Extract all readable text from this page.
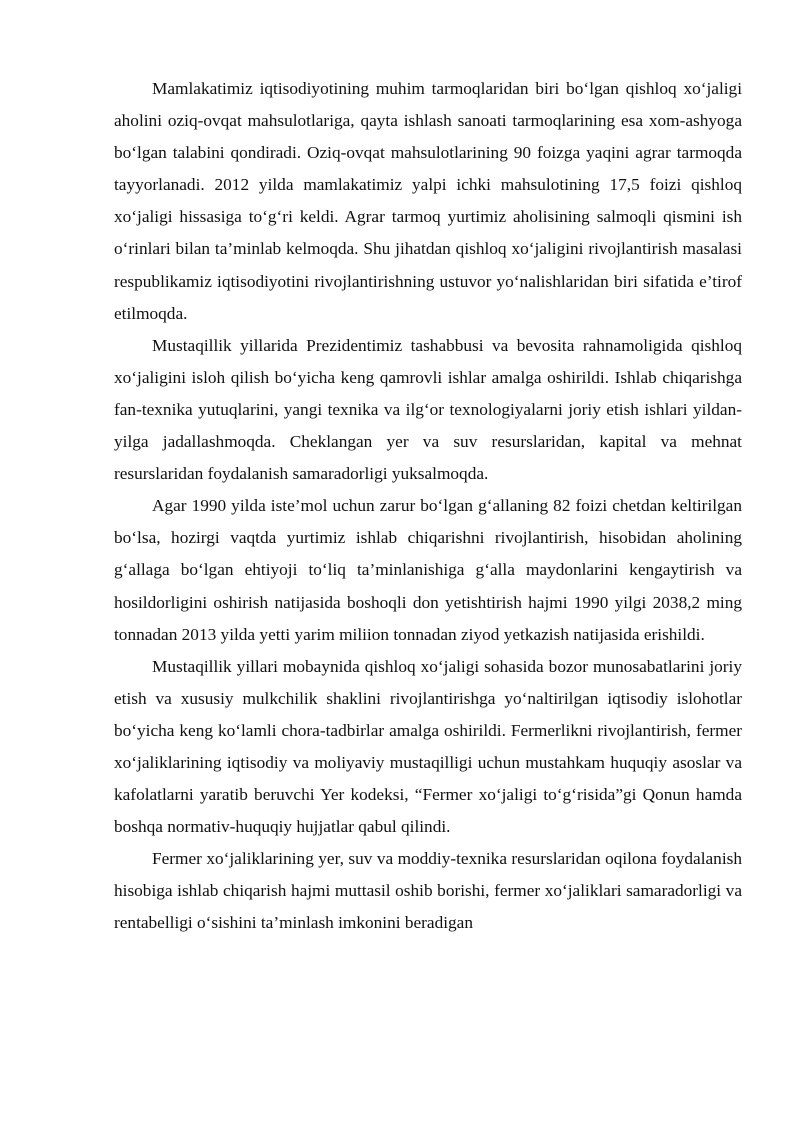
Mamlakatimiz iqtisodiyotining muhim tarmoqlaridan biri bo‘lgan qishloq xo‘jaligi aholini oziq-ovqat mahsulotlariga, qayta ishlash sanoati tarmoqlarining esa xom-ashyoga bo‘lgan talabini qondiradi. Oziq-ovqat mahsulotlarining 90 foizga yaqini agrar tarmoqda tayyorlanadi. 2012 yilda mamlakatimiz yalpi ichki mahsulotining 17,5 foizi qishloq xo‘jaligi hissasiga to‘g‘ri keldi. Agrar tarmoq yurtimiz aholisining salmoqli qismini ish o‘rinlari bilan ta’minlab kelmoqda. Shu jihatdan qishloq xo‘jaligini rivojlantirish masalasi respublikamiz iqtisodiyotini rivojlantirishning ustuvor yo‘nalishlaridan biri sifatida e’tirof etilmoqda.

Mustaqillik yillarida Prezidentimiz tashabbusi va bevosita rahnamoligida qishloq xo‘jaligini isloh qilish bo‘yicha keng qamrovli ishlar amalga oshirildi. Ishlab chiqarishga fan-texnika yutuqlarini, yangi texnika va ilg‘or texnologiyalarni joriy etish ishlari yildan-yilga jadallashmoqda. Cheklangan yer va suv resurslaridan, kapital va mehnat resurslaridan foydalanish samaradorligi yuksalmoqda.

Agar 1990 yilda iste’mol uchun zarur bo‘lgan g‘allaning 82 foizi chetdan keltirilgan bo‘lsa, hozirgi vaqtda yurtimiz ishlab chiqarishni rivojlantirish, hisobidan aholining g‘allaga bo‘lgan ehtiyoji to‘liq ta’minlanishiga g‘alla maydonlarini kengaytirish va hosildorligini oshirish natijasida boshoqli don yetishtirish hajmi 1990 yilgi 2038,2 ming tonnadan 2013 yilda yetti yarim miliion tonnadan ziyod yetkazish natijasida erishildi.

Mustaqillik yillari mobaynida qishloq xo‘jaligi sohasida bozor munosabatlarini joriy etish va xususiy mulkchilik shaklini rivojlantirishga yo‘naltirilgan iqtisodiy islohotlar bo‘yicha keng ko‘lamli chora-tadbirlar amalga oshirildi. Fermerlikni rivojlantirish, fermer xo‘jaliklarining iqtisodiy va moliyaviy mustaqilligi uchun mustahkam huquqiy asoslar va kafolatlarni yaratib beruvchi Yer kodeksi, “Fermer xo‘jaligi to‘g‘risida”gi Qonun hamda boshqa normativ-huquqiy hujjatlar qabul qilindi.

Fermer xo‘jaliklarining yer, suv va moddiy-texnika resurslaridan oqilona foydalanish hisobiga ishlab chiqarish hajmi muttasil oshib borishi, fermer xo‘jaliklari samaradorligi va rentabelligi o‘sishini ta’minlash imkonini beradigan
